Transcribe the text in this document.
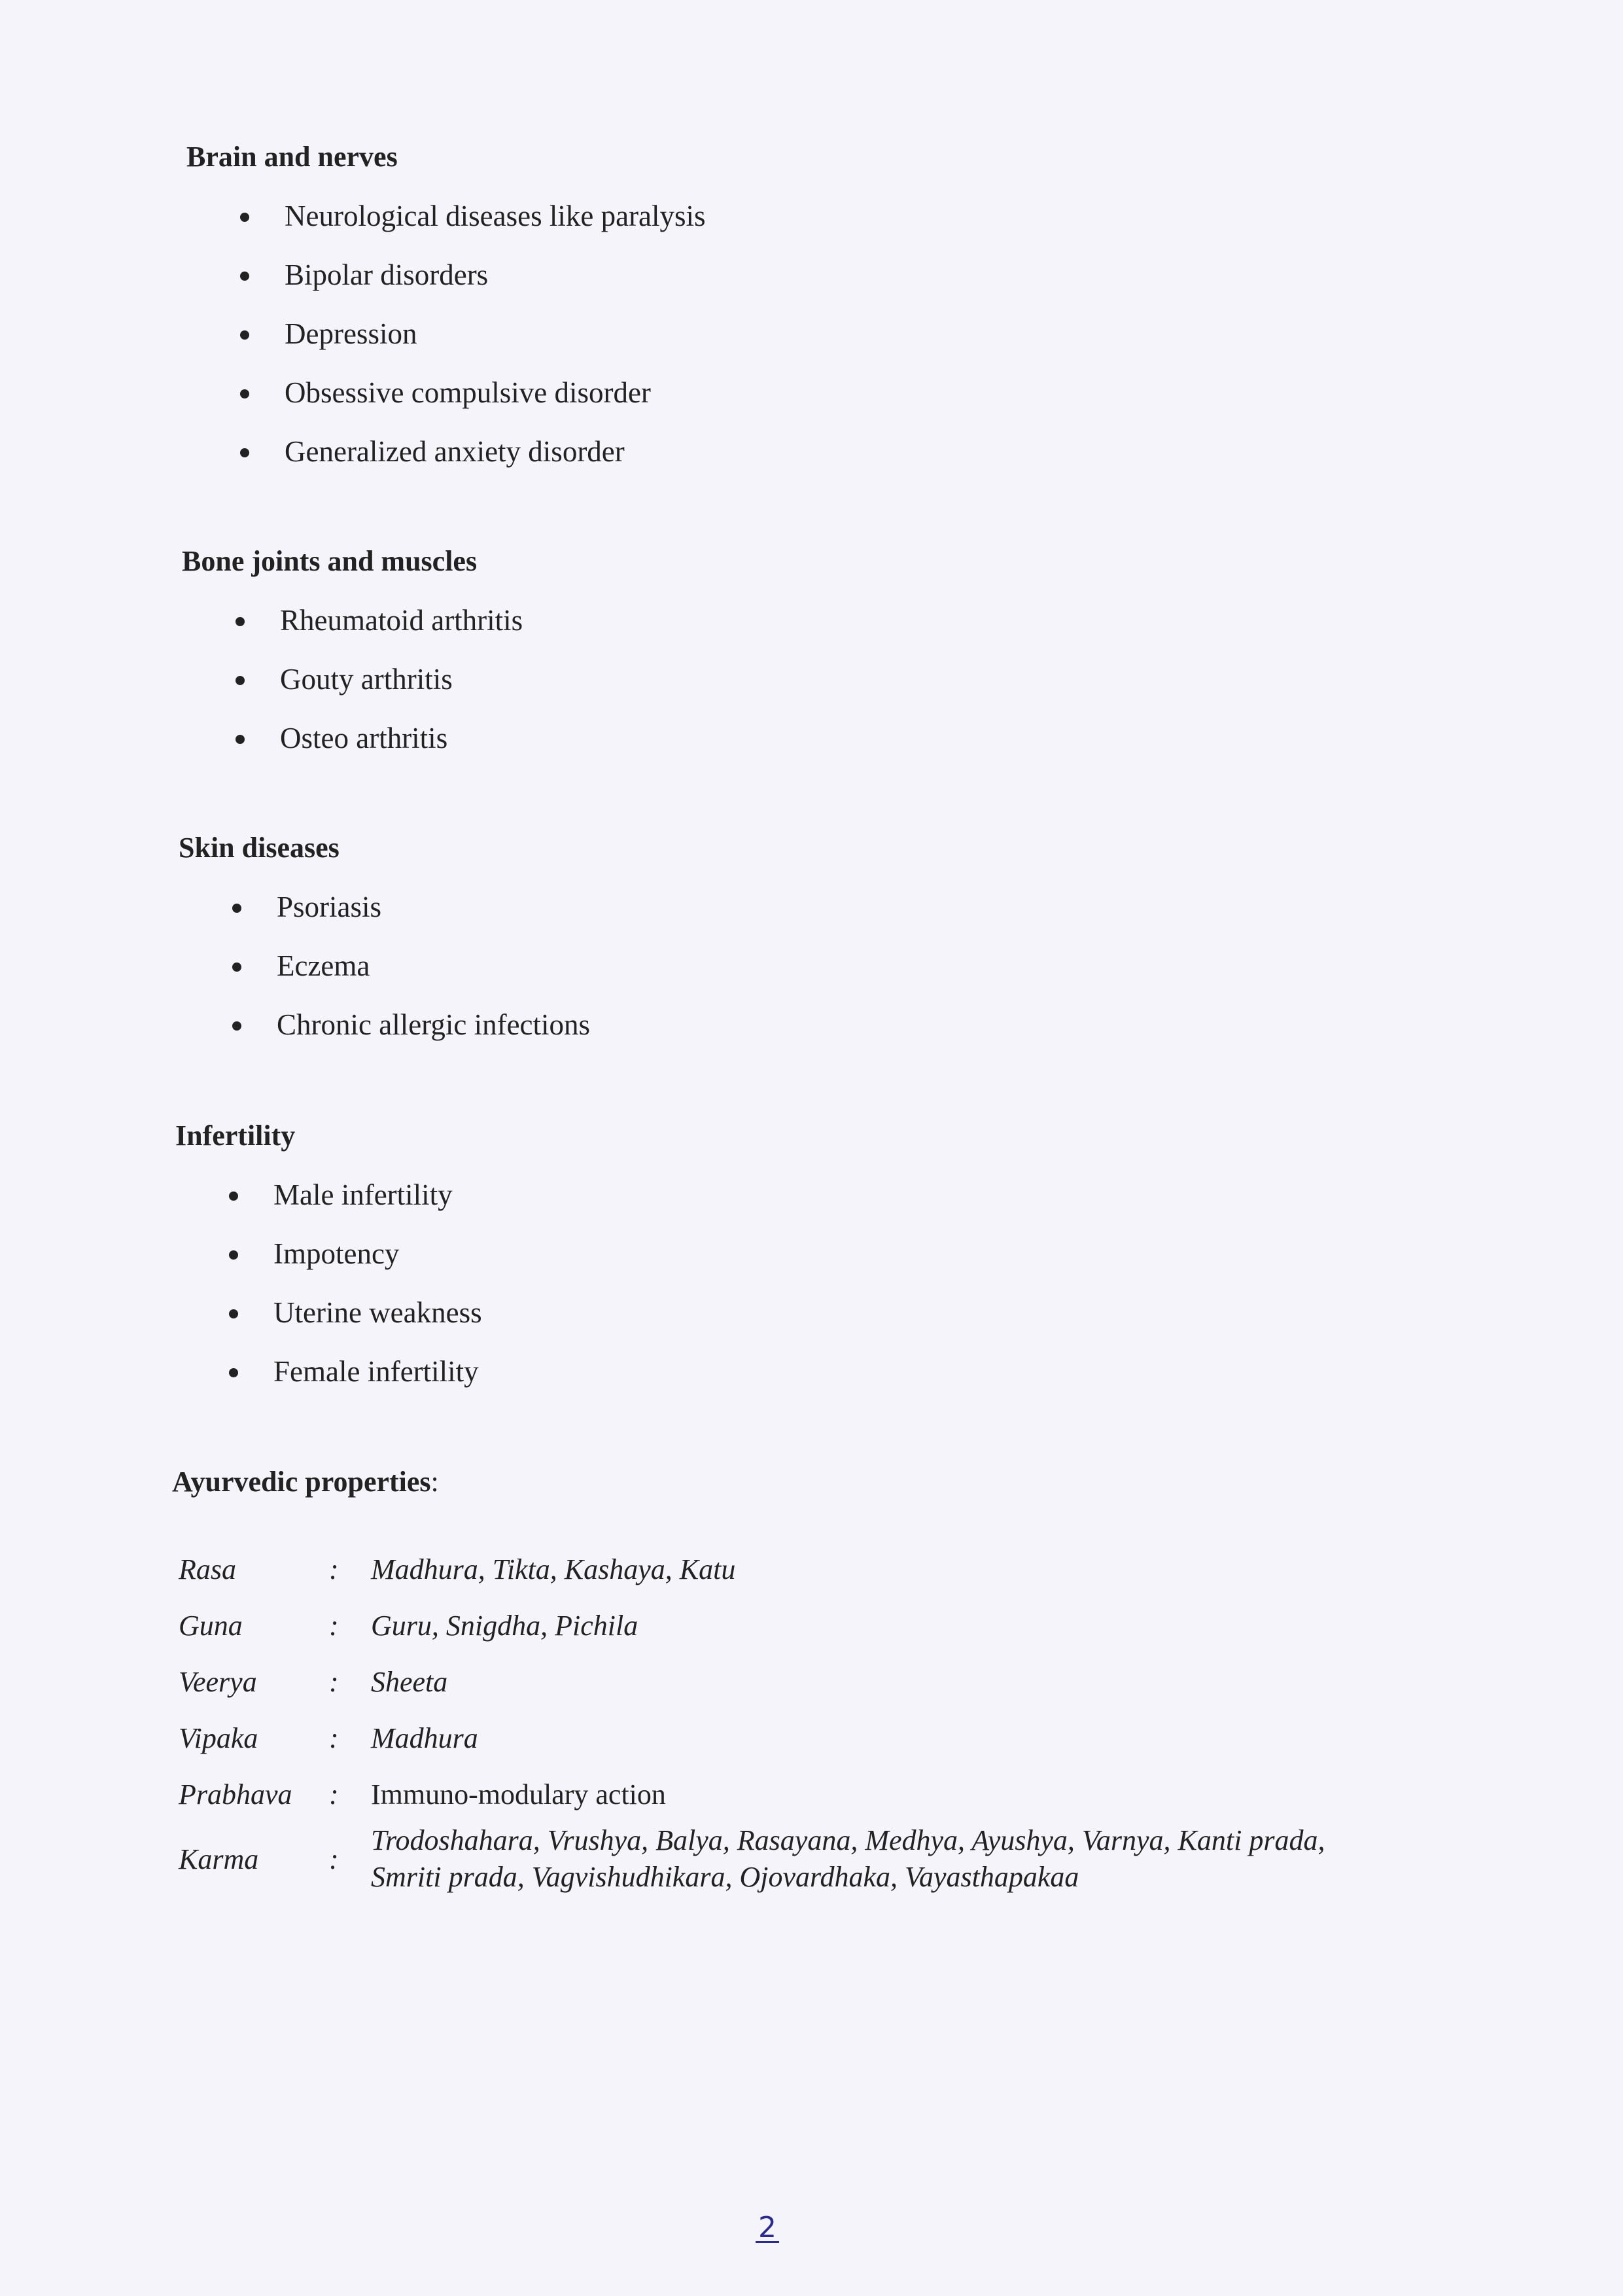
Brain and nerves
Neurological diseases like paralysis
Bipolar disorders
Depression
Obsessive compulsive disorder
Generalized anxiety disorder
Bone joints and muscles
Rheumatoid arthritis
Gouty arthritis
Osteo arthritis
Skin diseases
Psoriasis
Eczema
Chronic allergic infections
Infertility
Male infertility
Impotency
Uterine weakness
Female infertility
Ayurvedic properties:
Rasa	:	Madhura, Tikta, Kashaya, Katu
Guna	:	Guru, Snigdha, Pichila
Veerya	:	Sheeta
Vipaka	:	Madhura
Prabhava	:	Immuno-modulary action
Karma	:	Trodoshahara, Vrushya, Balya, Rasayana, Medhya, Ayushya, Varnya, Kanti prada,
Smriti prada, Vagvishudhikara, Ojovardhaka, Vayasthapakaa
2
